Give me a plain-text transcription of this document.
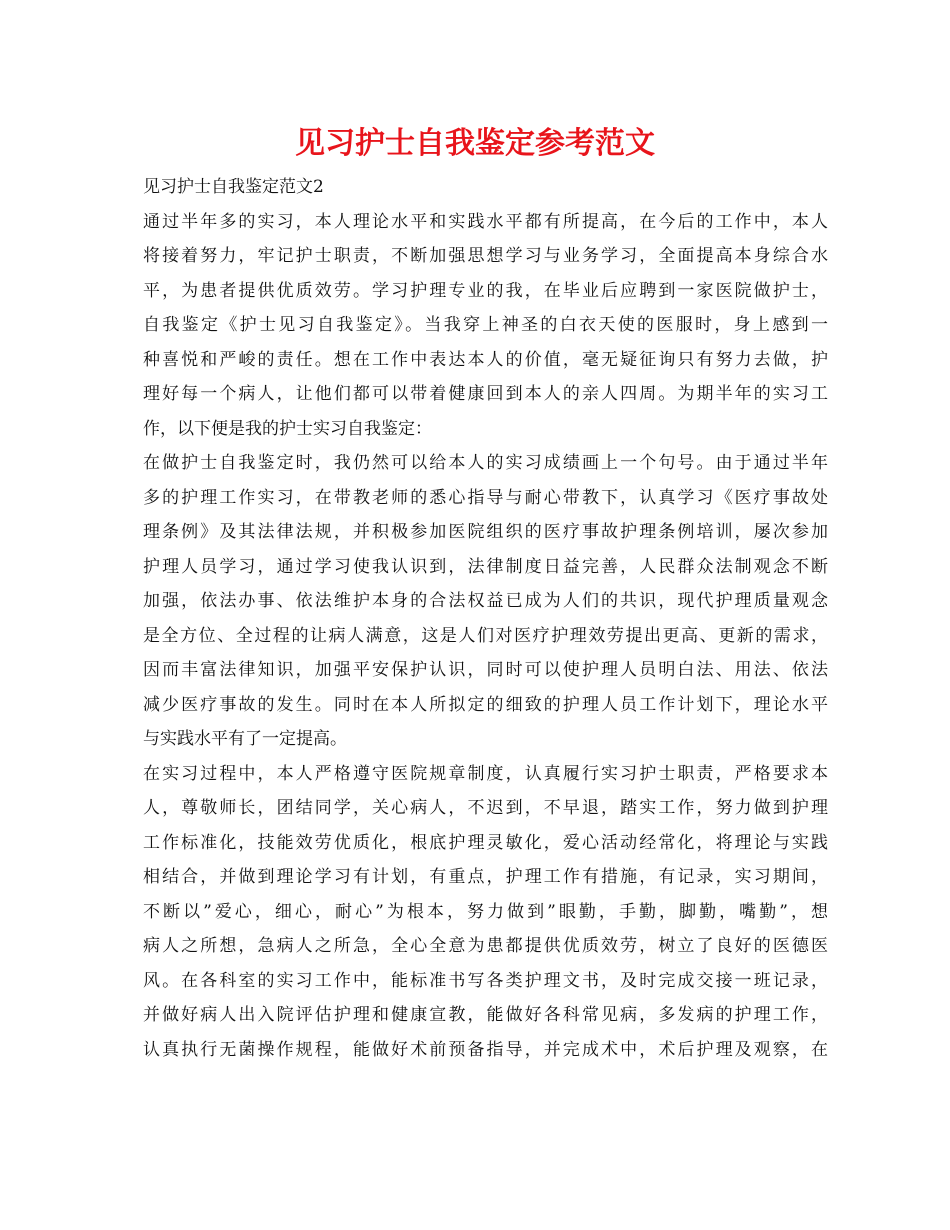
见习护士自我鉴定参考范文
见习护士自我鉴定范文2
通过半年多的实习，本人理论水平和实践水平都有所提高，在今后的工作中，本人
将接着努力，牢记护士职责，不断加强思想学习与业务学习，全面提高本身综合水
平，为患者提供优质效劳。学习护理专业的我，在毕业后应聘到一家医院做护士，
自我鉴定《护士见习自我鉴定》。当我穿上神圣的白衣天使的医服时，身上感到一
种喜悦和严峻的责任。想在工作中表达本人的价值，毫无疑征询只有努力去做，护
理好每一个病人，让他们都可以带着健康回到本人的亲人四周。为期半年的实习工
作，以下便是我的护士实习自我鉴定：
在做护士自我鉴定时，我仍然可以给本人的实习成绩画上一个句号。由于通过半年
多的护理工作实习，在带教老师的悉心指导与耐心带教下，认真学习《医疗事故处
理条例》及其法律法规，并积极参加医院组织的医疗事故护理条例培训，屡次参加
护理人员学习，通过学习使我认识到，法律制度日益完善，人民群众法制观念不断
加强，依法办事、依法维护本身的合法权益已成为人们的共识，现代护理质量观念
是全方位、全过程的让病人满意，这是人们对医疗护理效劳提出更高、更新的需求，
因而丰富法律知识，加强平安保护认识，同时可以使护理人员明白法、用法、依法
减少医疗事故的发生。同时在本人所拟定的细致的护理人员工作计划下，理论水平
与实践水平有了一定提高。
在实习过程中，本人严格遵守医院规章制度，认真履行实习护士职责，严格要求本
人，尊敬师长，团结同学，关心病人，不迟到，不早退，踏实工作，努力做到护理
工作标准化，技能效劳优质化，根底护理灵敏化，爱心活动经常化，将理论与实践
相结合，并做到理论学习有计划，有重点，护理工作有措施，有记录，实习期间，
不断以”爱心，细心，耐心”为根本，努力做到”眼勤，手勤，脚勤，嘴勤”，想
病人之所想，急病人之所急，全心全意为患都提供优质效劳，树立了良好的医德医
风。在各科室的实习工作中，能标准书写各类护理文书，及时完成交接一班记录，
并做好病人出入院评估护理和健康宣教，能做好各科常见病，多发病的护理工作，
认真执行无菌操作规程，能做好术前预备指导，并完成术中，术后护理及观察，在
